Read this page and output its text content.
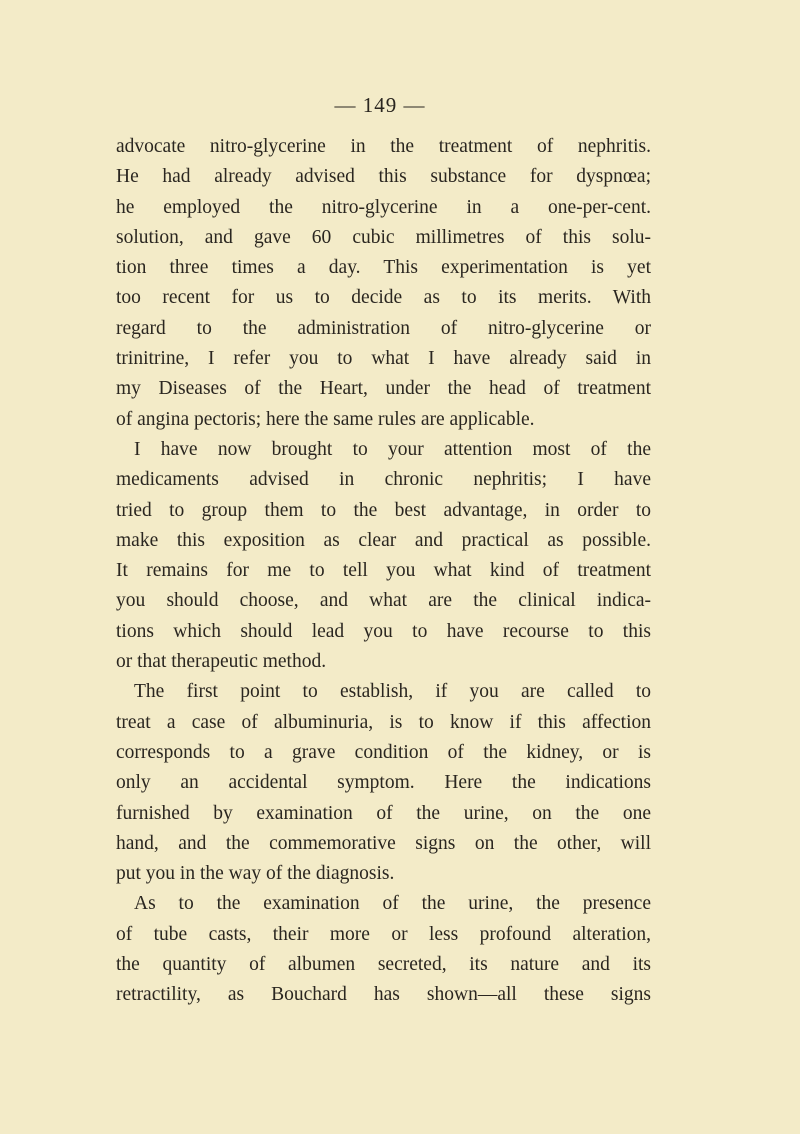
— 149 —
advocate nitro-glycerine in the treatment of nephritis.
He had already advised this substance for dyspnœa;
he employed the nitro-glycerine in a one-per-cent.
solution, and gave 60 cubic millimetres of this solu-
tion three times a day. This experimentation is yet
too recent for us to decide as to its merits. With
regard to the administration of nitro-glycerine or
trinitrine, I refer you to what I have already said in
my Diseases of the Heart, under the head of treatment
of angina pectoris; here the same rules are applicable.
I have now brought to your attention most of the
medicaments advised in chronic nephritis; I have
tried to group them to the best advantage, in order to
make this exposition as clear and practical as possible.
It remains for me to tell you what kind of treatment
you should choose, and what are the clinical indica-
tions which should lead you to have recourse to this
or that therapeutic method.
The first point to establish, if you are called to
treat a case of albuminuria, is to know if this affection
corresponds to a grave condition of the kidney, or is
only an accidental symptom. Here the indications
furnished by examination of the urine, on the one
hand, and the commemorative signs on the other, will
put you in the way of the diagnosis.
As to the examination of the urine, the presence
of tube casts, their more or less profound alteration,
the quantity of albumen secreted, its nature and its
retractility, as Bouchard has shown—all these signs
